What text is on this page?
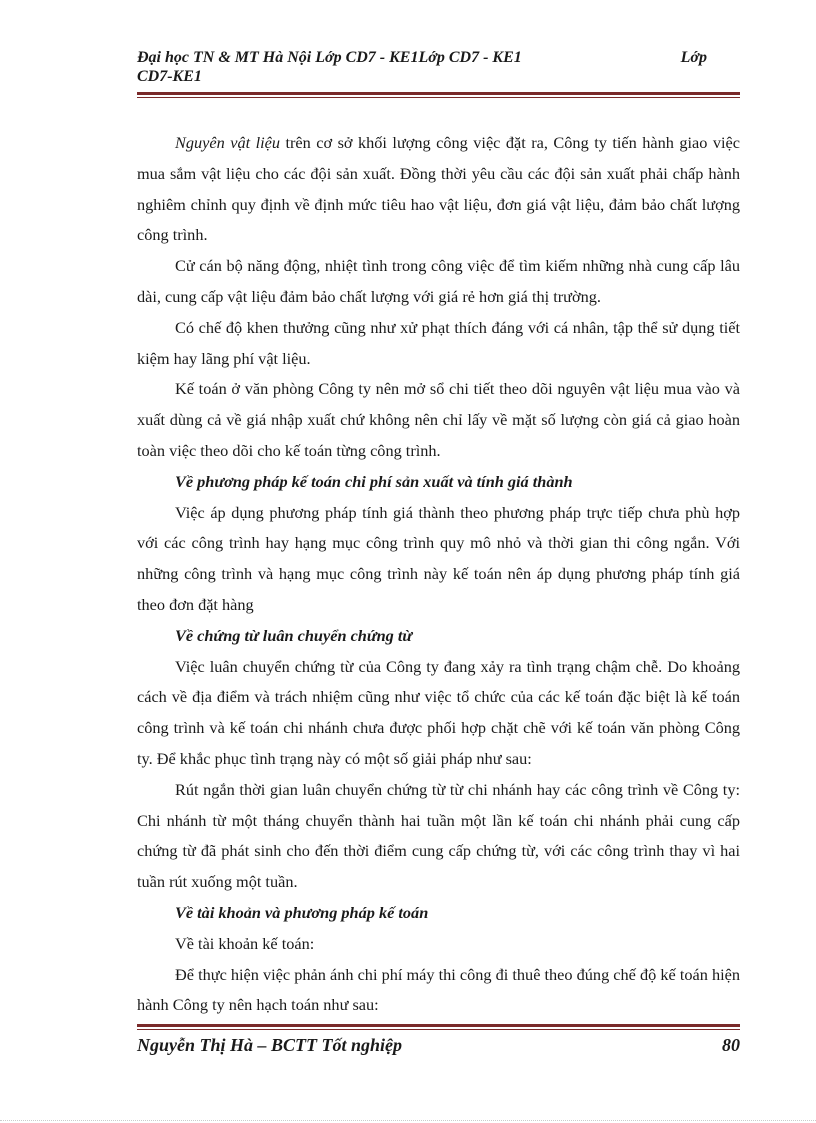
Đại học TN & MT Hà Nội Lớp CD7 - KE1Lớp CD7 - KE1	Lớp
CD7-KE1

Nguyên vật liệu trên cơ sở khối lượng công việc đặt ra, Công ty tiến hành giao việc mua sắm vật liệu cho các đội sản xuất. Đồng thời yêu cầu các đội sản xuất phải chấp hành nghiêm chỉnh quy định về định mức tiêu hao vật liệu, đơn giá vật liệu, đảm bảo chất lượng công trình.

Cử cán bộ năng động, nhiệt tình trong công việc để tìm kiếm những nhà cung cấp lâu dài, cung cấp vật liệu đảm bảo chất lượng với giá rẻ hơn giá thị trường.

Có chế độ khen thưởng cũng như xử phạt thích đáng với cá nhân, tập thể sử dụng tiết kiệm hay lãng phí vật liệu.

Kế toán ở văn phòng Công ty nên mở sổ chi tiết theo dõi nguyên vật liệu mua vào và xuất dùng cả về giá nhập xuất chứ không nên chỉ lấy về mặt số lượng còn giá cả giao hoàn toàn việc theo dõi cho kế toán từng công trình.

Về phương pháp kế toán chi phí sản xuất và tính giá thành

Việc áp dụng phương pháp tính giá thành theo phương pháp trực tiếp chưa phù hợp với các công trình hay hạng mục công trình quy mô nhỏ và thời gian thi công ngắn. Với những công trình và hạng mục công trình này kế toán nên áp dụng phương pháp tính giá theo đơn đặt hàng

Về chứng từ luân chuyển chứng từ

Việc luân chuyển chứng từ của Công ty đang xảy ra tình trạng chậm chễ. Do khoảng cách về địa điểm và trách nhiệm cũng như việc tổ chức của các kế toán đặc biệt là kế toán công trình và kế toán chi nhánh chưa được phối hợp chặt chẽ với kế toán văn phòng Công ty. Để khắc phục tình trạng này có một số giải pháp như sau:

Rút ngắn thời gian luân chuyển chứng từ từ chi nhánh hay các công trình về Công ty: Chi nhánh từ một tháng chuyển thành hai tuần một lần kế toán chi nhánh phải cung cấp chứng từ đã phát sinh cho đến thời điểm cung cấp chứng từ, với các công trình thay vì hai tuần rút xuống một tuần.

Về tài khoản và phương pháp kế toán

Về tài khoản kế toán:

Để thực hiện việc phản ánh chi phí máy thi công đi thuê theo đúng chế độ kế toán hiện hành Công ty nên hạch toán như sau:

Nguyễn Thị Hà – BCTT Tốt nghiệp	80
